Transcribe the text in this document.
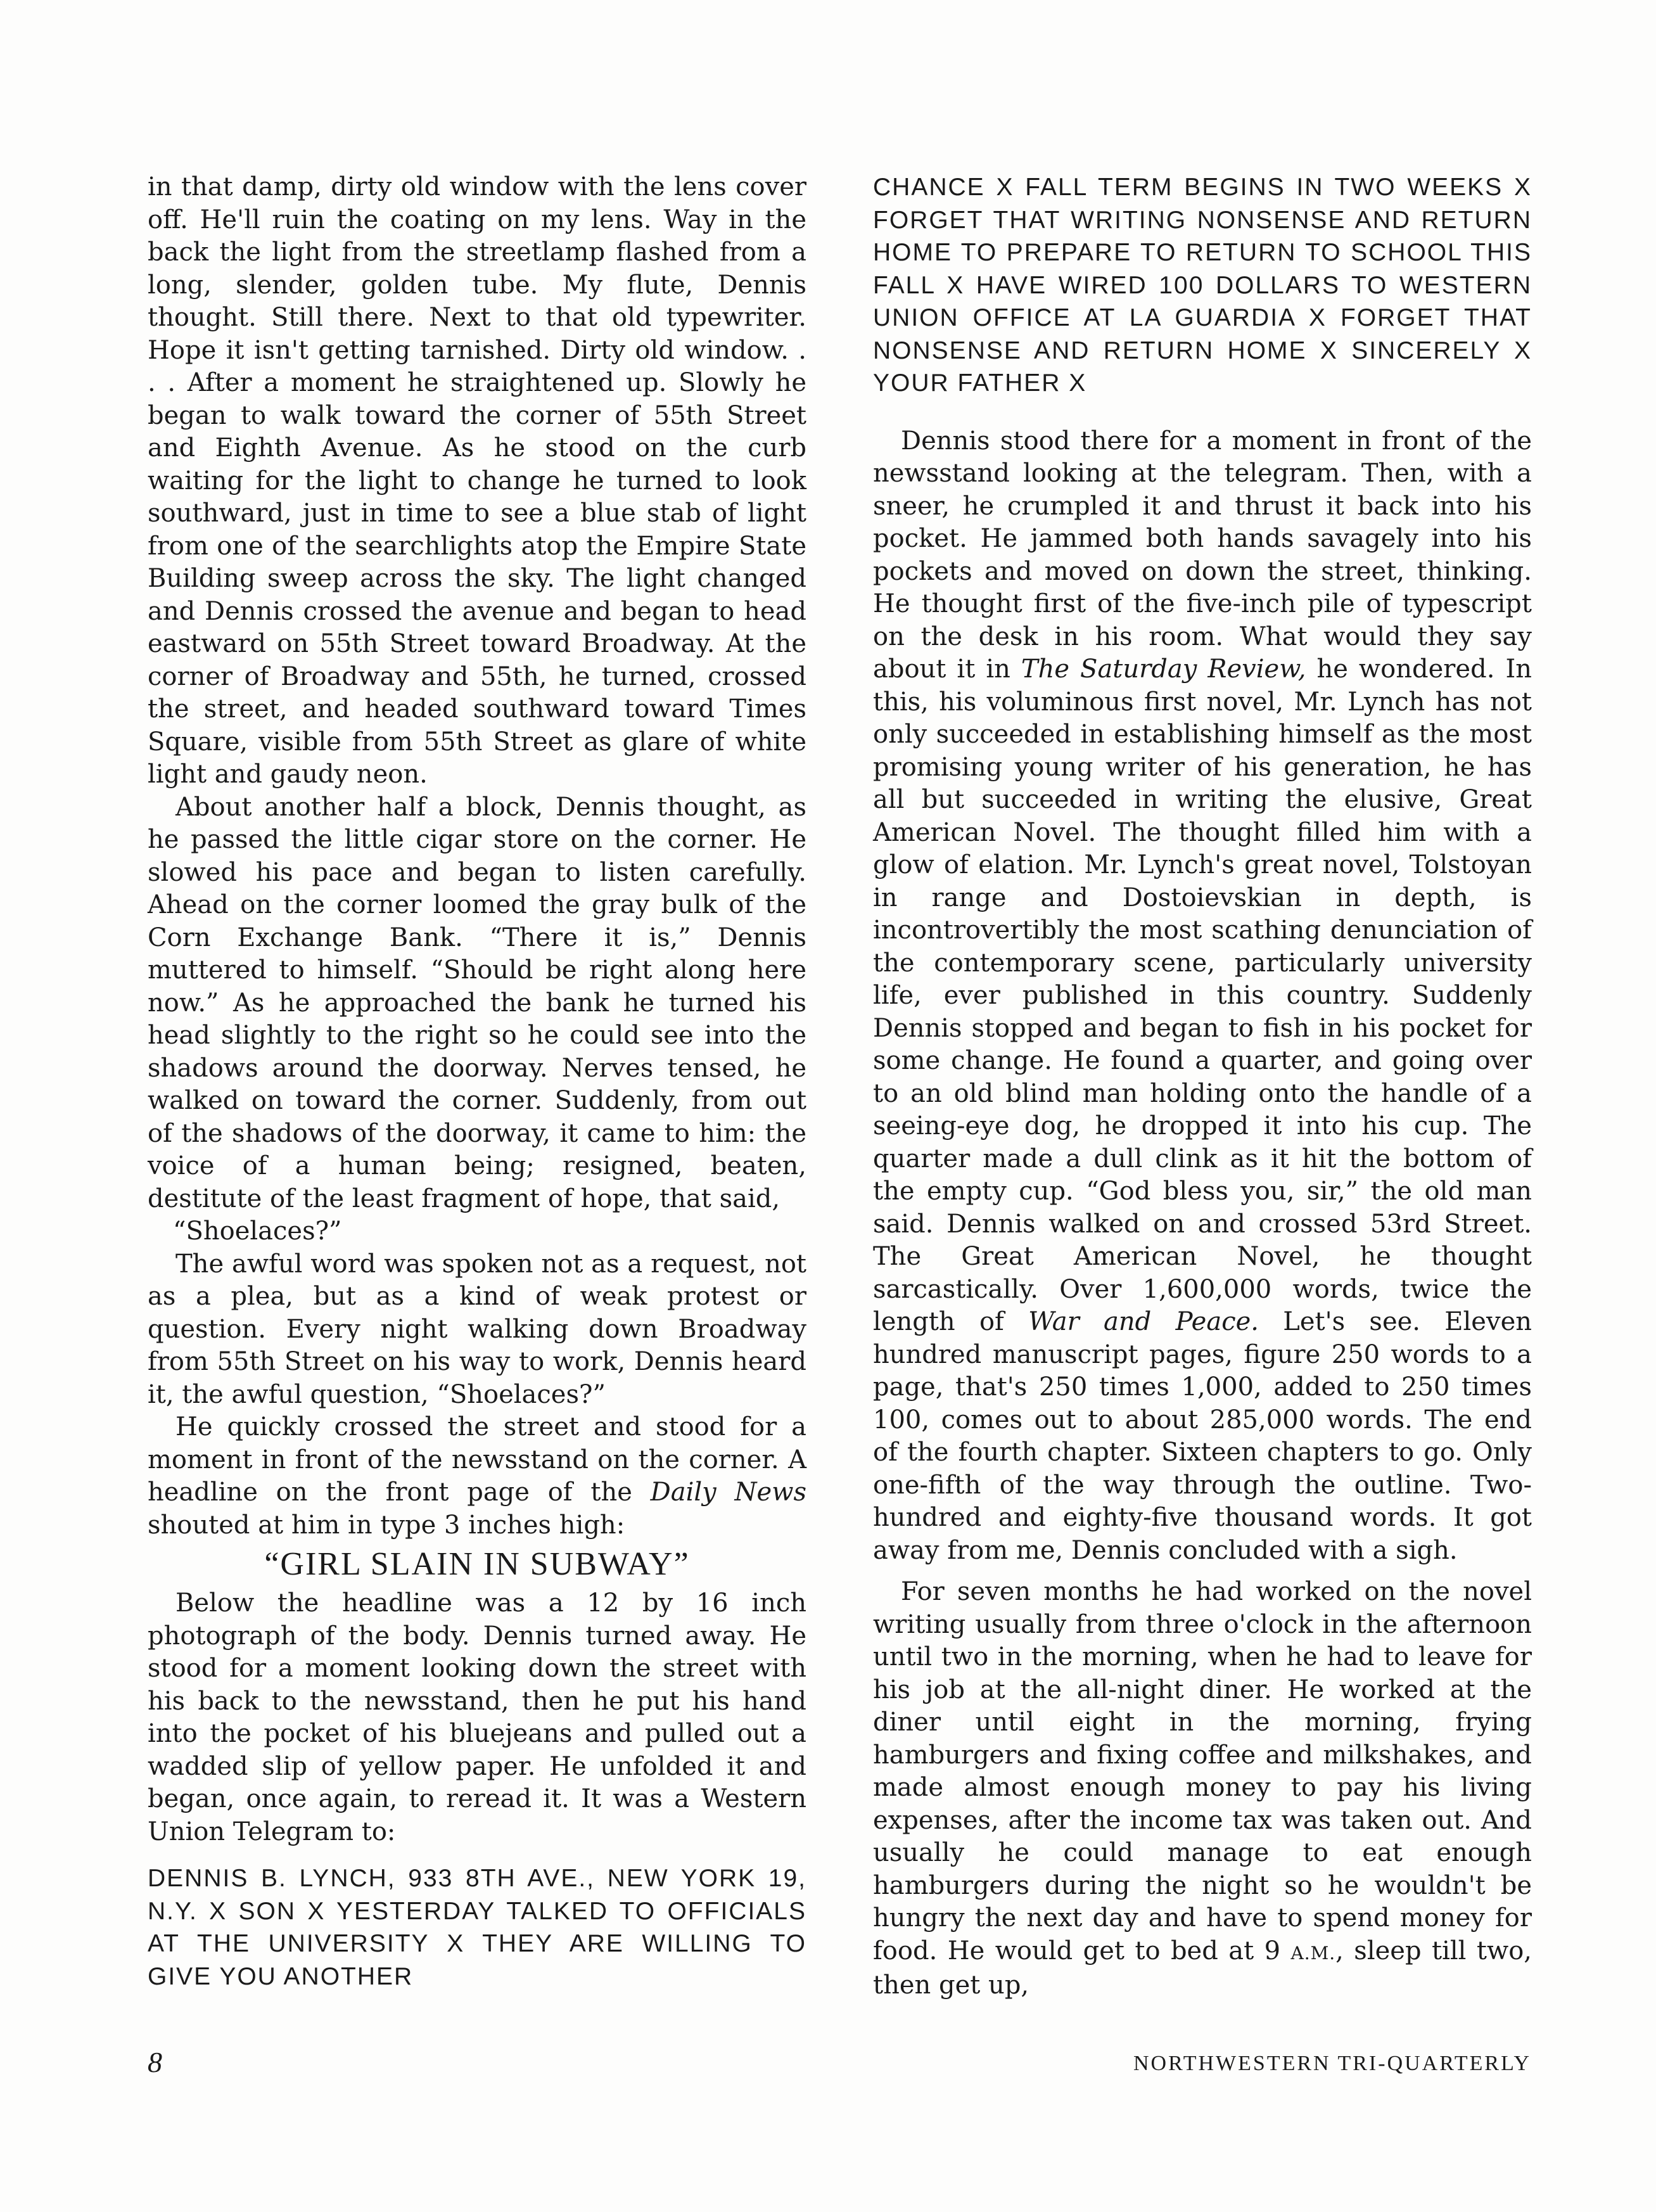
in that damp, dirty old window with the lens cover off. He'll ruin the coating on my lens. Way in the back the light from the streetlamp flashed from a long, slender, golden tube. My flute, Dennis thought. Still there. Next to that old typewriter. Hope it isn't getting tarnished. Dirty old window. . . . After a moment he straightened up. Slowly he began to walk toward the corner of 55th Street and Eighth Avenue. As he stood on the curb waiting for the light to change he turned to look southward, just in time to see a blue stab of light from one of the searchlights atop the Empire State Building sweep across the sky. The light changed and Dennis crossed the avenue and began to head eastward on 55th Street toward Broadway. At the corner of Broadway and 55th, he turned, crossed the street, and headed southward toward Times Square, visible from 55th Street as glare of white light and gaudy neon.

About another half a block, Dennis thought, as he passed the little cigar store on the corner. He slowed his pace and began to listen carefully. Ahead on the corner loomed the gray bulk of the Corn Exchange Bank. “There it is,” Dennis muttered to himself. “Should be right along here now.” As he approached the bank he turned his head slightly to the right so he could see into the shadows around the doorway. Nerves tensed, he walked on toward the corner. Suddenly, from out of the shadows of the doorway, it came to him: the voice of a human being; resigned, beaten, destitute of the least fragment of hope, that said,

“Shoelaces?”

The awful word was spoken not as a request, not as a plea, but as a kind of weak protest or question. Every night walking down Broadway from 55th Street on his way to work, Dennis heard it, the awful question, “Shoelaces?”

He quickly crossed the street and stood for a moment in front of the newsstand on the corner. A headline on the front page of the Daily News shouted at him in type 3 inches high:

“GIRL SLAIN IN SUBWAY”

Below the headline was a 12 by 16 inch photograph of the body. Dennis turned away. He stood for a moment looking down the street with his back to the newsstand, then he put his hand into the pocket of his bluejeans and pulled out a wadded slip of yellow paper. He unfolded it and began, once again, to reread it. It was a Western Union Telegram to:

DENNIS B. LYNCH, 933 8TH AVE., NEW YORK 19, N.Y. X SON X YESTERDAY TALKED TO OFFICIALS AT THE UNIVERSITY X THEY ARE WILLING TO GIVE YOU ANOTHER

CHANCE X FALL TERM BEGINS IN TWO WEEKS X FORGET THAT WRITING NONSENSE AND RETURN HOME TO PREPARE TO RETURN TO SCHOOL THIS FALL X HAVE WIRED 100 DOLLARS TO WESTERN UNION OFFICE AT LA GUARDIA X FORGET THAT NONSENSE AND RETURN HOME X SINCERELY X YOUR FATHER X

Dennis stood there for a moment in front of the newsstand looking at the telegram. Then, with a sneer, he crumpled it and thrust it back into his pocket. He jammed both hands savagely into his pockets and moved on down the street, thinking. He thought first of the five-inch pile of typescript on the desk in his room. What would they say about it in The Saturday Review, he wondered. In this, his voluminous first novel, Mr. Lynch has not only succeeded in establishing himself as the most promising young writer of his generation, he has all but succeeded in writing the elusive, Great American Novel. The thought filled him with a glow of elation. Mr. Lynch's great novel, Tolstoyan in range and Dostoievskian in depth, is incontrovertibly the most scathing denunciation of the contemporary scene, particularly university life, ever published in this country. Suddenly Dennis stopped and began to fish in his pocket for some change. He found a quarter, and going over to an old blind man holding onto the handle of a seeing-eye dog, he dropped it into his cup. The quarter made a dull clink as it hit the bottom of the empty cup. “God bless you, sir,” the old man said. Dennis walked on and crossed 53rd Street. The Great American Novel, he thought sarcastically. Over 1,600,000 words, twice the length of War and Peace. Let's see. Eleven hundred manuscript pages, figure 250 words to a page, that's 250 times 1,000, added to 250 times 100, comes out to about 285,000 words. The end of the fourth chapter. Sixteen chapters to go. Only one-fifth of the way through the outline. Two-hundred and eighty-five thousand words. It got away from me, Dennis concluded with a sigh.

For seven months he had worked on the novel writing usually from three o'clock in the afternoon until two in the morning, when he had to leave for his job at the all-night diner. He worked at the diner until eight in the morning, frying hamburgers and fixing coffee and milkshakes, and made almost enough money to pay his living expenses, after the income tax was taken out. And usually he could manage to eat enough hamburgers during the night so he wouldn't be hungry the next day and have to spend money for food. He would get to bed at 9 A.M., sleep till two, then get up,

8	NORTHWESTERN TRI-QUARTERLY
